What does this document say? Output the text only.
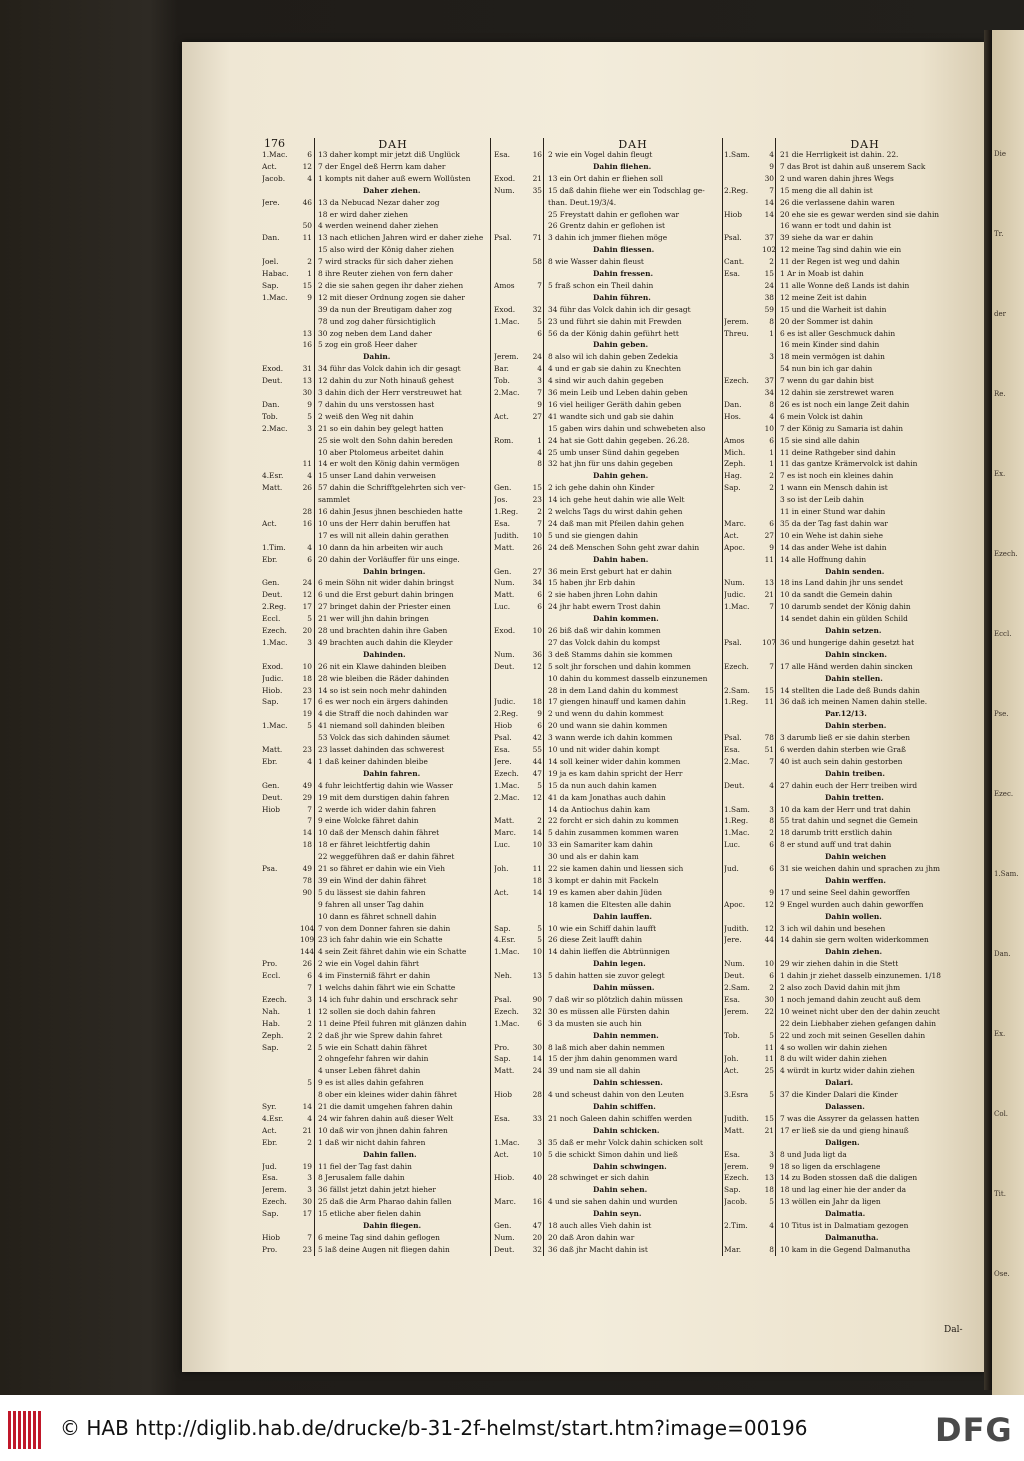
Die
Tr.
der
Re.
Ex.
Ezech.
Eccl.
Pse.
Ezec.
1.Sam.
Dan.
Ex.
Col.
Tit.
Ose.
176	DAH
1.Mac.	6 13 daher kompt mir jetzt diß Unglück
Act.	12 7 der Engel deß Herrn kam daher
Jacob.	4 1 kompts nit daher auß ewern Wollüsten
Daher ziehen.
Jere.	46 13 da Nebucad Nezar daher zog
18 er wird daher ziehen
50 4 werden weinend daher ziehen
Dan.	11 13 nach etlichen Jahren wird er daher ziehe
15 also wird der König daher ziehen
Joel.	2 7 wird stracks für sich daher ziehen
Habac.	1 8 ihre Reuter ziehen von fern daher
Sap.	15 2 die sie sahen gegen ihr daher ziehen
1.Mac.	9 12 mit dieser Ordnung zogen sie daher
39 da nun der Breutigam daher zog
78 und zog daher fürsichtiglich
13 30 zog neben dem Land daher
16 5 zog ein groß Heer daher
Dahin.
Exod.	31 34 führ das Volck dahin ich dir gesagt
Deut.	13 12 dahin du zur Noth hinauß gehest
30 3 dahin dich der Herr verstreuwet hat
Dan.	9 7 dahin du uns verstossen hast
Tob.	5 2 weiß den Weg nit dahin
2.Mac.	3 21 so ein dahin bey gelegt hatten
25 sie wolt den Sohn dahin bereden
10 aber Ptolomeus arbeitet dahin
11 14 er wolt den König dahin vermögen
4.Esr.	4 15 unser Land dahin verweisen
Matt.	26 57 dahin die Schrifftgelehrten sich ver-
sammlet
28 16 dahin Jesus jhnen beschieden hatte
Act.	16 10 uns der Herr dahin beruffen hat
17 es will nit allein dahin gerathen
1.Tim.	4 10 dann da hin arbeiten wir auch
Ebr.	6 20 dahin der Vorläuffer für uns einge.
Dahin bringen.
Gen.	24 6 mein Söhn nit wider dahin bringst
Deut.	12 6 und die Erst geburt dahin bringen
2.Reg.	17 27 bringet dahin der Priester einen
Eccl.	5 21 wer will jhn dahin bringen
Ezech.	20 28 und brachten dahin ihre Gaben
1.Mac.	3 49 brachten auch dahin die Kleyder
Dahinden.
Exod.	10 26 nit ein Klawe dahinden bleiben
Judic.	18 28 wie bleiben die Räder dahinden
Hiob.	23 14 so ist sein noch mehr dahinden
Sap.	17 6 es wer noch ein ärgers dahinden
19 4 die Straff die noch dahinden war
1.Mac.	5 41 niemand soll dahinden bleiben
53 Volck das sich dahinden säumet
Matt.	23 23 lasset dahinden das schwerest
Ebr.	4 1 daß keiner dahinden bleibe
Dahin fahren.
Gen.	49 4 fuhr leichtfertig dahin wie Wasser
Deut.	29 19 mit dem durstigen dahin fahren
Hiob	7 2 werde ich wider dahin fahren
7 9 eine Wolcke fähret dahin
14 10 daß der Mensch dahin fähret
18 18 er fähret leichtfertig dahin
22 weggeführen daß er dahin fähret
Psa.	49 21 so fähret er dahin wie ein Vieh
78 39 ein Wind der dahin fähret
90 5 du lässest sie dahin fahren
9 fahren all unser Tag dahin
10 dann es fähret schnell dahin
104 7 von dem Donner fahren sie dahin
109 23 ich fahr dahin wie ein Schatte
144 4 sein Zeit fähret dahin wie ein Schatte
Pro.	26 2 wie ein Vogel dahin fährt
Eccl.	6 4 im Finsterniß fährt er dahin
7 1 welchs dahin fährt wie ein Schatte
Ezech.	3 14 ich fuhr dahin und erschrack sehr
Nah.	1 12 sollen sie doch dahin fahren
Hab.	2 11 deine Pfeil fuhren mit glänzen dahin
Zeph.	2 2 daß jhr wie Sprew dahin fahret
Sap.	2 5 wie ein Schatt dahin fähret
2 ohngefehr fahren wir dahin
4 unser Leben fähret dahin
5 9 es ist alles dahin gefahren
8 ober ein kleines wider dahin fähret
Syr.	14 21 die damit umgehen fahren dahin
4.Esr.	4 24 wir fahren dahin auß dieser Welt
Act.	21 10 daß wir von jhnen dahin fahren
Ebr.	2 1 daß wir nicht dahin fahren
Dahin fallen.
Jud.	19 11 fiel der Tag fast dahin
Esa.	3 8 Jerusalem falle dahin
Jerem.	3 36 fällst jetzt dahin jetzt hieher
Ezech.	30 25 daß die Arm Pharao dahin fallen
Sap.	17 15 etliche aber fielen dahin
Dahin fliegen.
Hiob	7 6 meine Tag sind dahin geflogen
Pro.	23 5 laß deine Augen nit fliegen dahin
DAH
Esa.	16 2 wie ein Vogel dahin fleugt
Dahin fliehen.
Exod.	21 13 ein Ort dahin er fliehen soll
Num.	35 15 daß dahin fliehe wer ein Todschlag ge-
than. Deut.19/3/4.
25 Freystatt dahin er geflohen war
26 Grentz dahin er geflohen ist
Psal.	71 3 dahin ich jmmer fliehen möge
Dahin fliessen.
58 8 wie Wasser dahin fleust
Dahin fressen.
Amos	7 5 fraß schon ein Theil dahin
Dahin führen.
Exod.	32 34 führ das Volck dahin ich dir gesagt
1.Mac.	5 23 und führt sie dahin mit Frewden
6 56 da der König dahin geführt hett
Dahin geben.
Jerem.	24 8 also wil ich dahin geben Zedekia
Bar.	4 4 und er gab sie dahin zu Knechten
Tob.	3 4 sind wir auch dahin gegeben
2.Mac.	7 36 mein Leib und Leben dahin geben
9 16 viel heiliger Geräth dahin geben
Act.	27 41 wandte sich und gab sie dahin
15 gaben wirs dahin und schwebeten also
Rom.	1 24 hat sie Gott dahin gegeben. 26.28.
4 25 umb unser Sünd dahin gegeben
8 32 hat jhn für uns dahin gegeben
Dahin gehen.
Gen.	15 2 ich gehe dahin ohn Kinder
Jos.	23 14 ich gehe heut dahin wie alle Welt
1.Reg.	2 2 welchs Tags du wirst dahin gehen
Esa.	7 24 daß man mit Pfeilen dahin gehen
Judith.	10 5 und sie giengen dahin
Matt.	26 24 deß Menschen Sohn geht zwar dahin
Dahin haben.
Gen.	27 36 mein Erst geburt hat er dahin
Num.	34 15 haben jhr Erb dahin
Matt.	6 2 sie haben jhren Lohn dahin
Luc.	6 24 jhr habt ewern Trost dahin
Dahin kommen.
Exod.	10 26 biß daß wir dahin kommen
27 das Volck dahin du kompst
Num.	36 3 deß Stamms dahin sie kommen
Deut.	12 5 solt jhr forschen und dahin kommen
10 dahin du kommest dasselb einzunemen
28 in dem Land dahin du kommest
Judic.	18 17 giengen hinauff und kamen dahin
2.Reg.	9 2 und wenn du dahin kommest
Hiob	6 20 und wann sie dahin kommen
Psal.	42 3 wann werde ich dahin kommen
Esa.	55 10 und nit wider dahin kompt
Jere.	44 14 soll keiner wider dahin kommen
Ezech.	47 19 ja es kam dahin spricht der Herr
1.Mac.	5 15 da nun auch dahin kamen
2.Mac.	12 41 da kam Jonathas auch dahin
14 da Antiochus dahin kam
Matt.	2 22 forcht er sich dahin zu kommen
Marc.	14 5 dahin zusammen kommen waren
Luc.	10 33 ein Samariter kam dahin
30 und als er dahin kam
Joh.	11 22 sie kamen dahin und liessen sich
18 3 kompt er dahin mit Fackeln
Act.	14 19 es kamen aber dahin Jüden
18 kamen die Eltesten alle dahin
Dahin lauffen.
Sap.	5 10 wie ein Schiff dahin laufft
4.Esr.	5 26 diese Zeit laufft dahin
1.Mac.	10 14 dahin lieffen die Abtrünnigen
Dahin legen.
Neh.	13 5 dahin hatten sie zuvor gelegt
Dahin müssen.
Psal.	90 7 daß wir so plötzlich dahin müssen
Ezech.	32 30 es müssen alle Fürsten dahin
1.Mac.	6 3 da musten sie auch hin
Dahin nemmen.
Pro.	30 8 laß mich aber dahin nemmen
Sap.	14 15 der jhm dahin genommen ward
Matt.	24 39 und nam sie all dahin
Dahin schiessen.
Hiob	28 4 und scheust dahin von den Leuten
Dahin schiffen.
Esa.	33 21 noch Galeen dahin schiffen werden
Dahin schicken.
1.Mac.	3 35 daß er mehr Volck dahin schicken solt
Act.	10 5 die schickt Simon dahin und ließ
Dahin schwingen.
Hiob.	40 28 schwinget er sich dahin
Dahin sehen.
Marc.	16 4 und sie sahen dahin und wurden
Dahin seyn.
Gen.	47 18 auch alles Vieh dahin ist
Num.	20 20 daß Aron dahin war
Deut.	32 36 daß jhr Macht dahin ist
DAH
1.Sam.	4 21 die Herrligkeit ist dahin. 22.
9 7 das Brot ist dahin auß unserem Sack
30 2 und waren dahin jhres Wegs
2.Reg.	7 15 meng die all dahin ist
14 26 die verlassene dahin waren
Hiob	14 20 ehe sie es gewar werden sind sie dahin
16 wann er todt und dahin ist
Psal.	37 39 siehe da war er dahin
102 12 meine Tag sind dahin wie ein
Cant.	2 11 der Regen ist weg und dahin
Esa.	15 1 Ar in Moab ist dahin
24 11 alle Wonne deß Lands ist dahin
38 12 meine Zeit ist dahin
59 15 und die Warheit ist dahin
Jerem.	8 20 der Sommer ist dahin
Threu.	1 6 es ist aller Geschmuck dahin
16 mein Kinder sind dahin
3 18 mein vermögen ist dahin
54 nun bin ich gar dahin
Ezech.	37 7 wenn du gar dahin bist
34 12 dahin sie zerstrewet waren
Dan.	8 26 es ist noch ein lange Zeit dahin
Hos.	4 6 mein Volck ist dahin
10 7 der König zu Samaria ist dahin
Amos	6 15 sie sind alle dahin
Mich.	1 11 deine Rathgeber sind dahin
Zeph.	1 11 das gantze Krämervolck ist dahin
Hag.	2 7 es ist noch ein kleines dahin
Sap.	2 1 wann ein Mensch dahin ist
3 so ist der Leib dahin
11 in einer Stund war dahin
Marc.	6 35 da der Tag fast dahin war
Act.	27 10 ein Wehe ist dahin siehe
Apoc.	9 14 das ander Wehe ist dahin
11 14 alle Hoffnung dahin
Dahin senden.
Num.	13 18 ins Land dahin jhr uns sendet
Judic.	21 10 da sandt die Gemein dahin
1.Mac.	7 10 darumb sendet der König dahin
14 sendet dahin ein gülden Schild
Dahin setzen.
Psal.	107 36 und hungerige dahin gesetzt hat
Dahin sincken.
Ezech.	7 17 alle Händ werden dahin sincken
Dahin stellen.
2.Sam.	15 14 stellten die Lade deß Bunds dahin
1.Reg.	11 36 daß ich meinen Namen dahin stelle.
Par.12/13.
Dahin sterben.
Psal.	78 3 darumb ließ er sie dahin sterben
Esa.	51 6 werden dahin sterben wie Graß
2.Mac.	7 40 ist auch sein dahin gestorben
Dahin treiben.
Deut.	4 27 dahin euch der Herr treiben wird
Dahin tretten.
1.Sam.	3 10 da kam der Herr und trat dahin
1.Reg.	8 55 trat dahin und segnet die Gemein
1.Mac.	2 18 darumb tritt erstlich dahin
Luc.	6 8 er stund auff und trat dahin
Dahin weichen
Jud.	6 31 sie weichen dahin und sprachen zu jhm
Dahin werffen.
9 17 und seine Seel dahin geworffen
Apoc.	12 9 Engel wurden auch dahin geworffen
Dahin wollen.
Judith.	12 3 ich wil dahin und besehen
Jere.	44 14 dahin sie gern wolten widerkommen
Dahin ziehen.
Num.	10 29 wir ziehen dahin in die Stett
Deut.	6 1 dahin jr ziehet dasselb einzunemen. 1/18
2.Sam.	2 2 also zoch David dahin mit jhm
Esa.	30 1 noch jemand dahin zeucht auß dem
Jerem.	22 10 weinet nicht uber den der dahin zeucht
22 dein Liebhaber ziehen gefangen dahin
Tob.	5 22 und zoch mit seinen Gesellen dahin
11 4 so wollen wir dahin ziehen
Joh.	11 8 du wilt wider dahin ziehen
Act.	25 4 würdt in kurtz wider dahin ziehen
Dalari.
3.Esra	5 37 die Kinder Dalari die Kinder
Dalassen.
Judith.	15 7 was die Assyrer da gelassen hatten
Matt.	21 17 er ließ sie da und gieng hinauß
Daligen.
Esa.	3 8 und Juda ligt da
Jerem.	9 18 so ligen da erschlagene
Ezech.	13 14 zu Boden stossen daß die daligen
Sap.	18 18 und lag einer hie der ander da
Jacob.	5 13 wöllen ein Jahr da ligen
Dalmatia.
2.Tim.	4 10 Titus ist in Dalmatiam gezogen
Dalmanutha.
Mar.	8 10 kam in die Gegend Dalmanutha
Dal-
© HAB http://diglib.hab.de/drucke/b-31-2f-helmst/start.htm?image=00196	DFG
